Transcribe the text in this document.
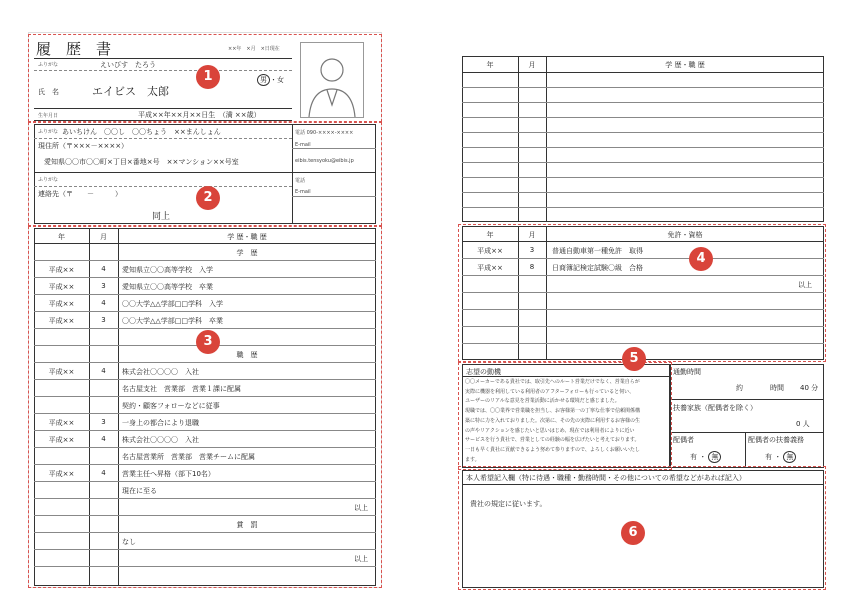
履　歴　書	××年　×月　×日現在
ふりがな	えいびす　たろう
氏　名	エイビス　太郎
男 ・女
生年月日	平成××年××月××日生　（満 ××歳）
1
ふりがな あいちけん　〇〇し　〇〇ちょう　××まんしょん
現住所（〒×××－××××）
愛知県〇〇市〇〇町×丁目×番地×号　××マンション××号室
電話 090-××××-××××
E-mail
eibis.tensyoku@eibis.jp
ふりがな
連絡先（〒　　－　　　）
同上
電話
E-mail
2
年	月	学 歴・職 歴
学　歴
平成××	4	愛知県立〇〇高等学校　入学
平成××	3	愛知県立〇〇高等学校　卒業
平成××	4	〇〇大学△△学部□□学科　入学
平成××	3	〇〇大学△△学部□□学科　卒業
職　歴
平成××	4	株式会社〇〇〇〇　入社
名古屋支社　営業部　営業１課に配属
契約・顧客フォローなどに従事
平成××	3	一身上の都合により退職
平成××	4	株式会社〇〇〇〇　入社
名古屋営業所　営業部　営業チームに配属
平成××	4	営業主任へ昇格（部下10名）
現在に至る
以上
賞　罰
なし
以上
3
年	月	学 歴・職 歴
年	月	免許・資格
平成××	3	普通自動車第一種免許　取得
平成××	8	日商簿記検定試験〇級　合格
以上
4
志望の動機
〇〇メーカーである貴社では、取引先へのルート営業だけでなく、営業自らが
実際に機器を利用している利用者のアフターフォローも行っていると伺い、
ユーザーのリアルな意見を営業活動に活かせる環境だと感じました。
現職では、〇〇業界で営業職を担当し、お客様第一の丁寧な仕事で信頼関係構
築に特に力を入れておりました。次第に、その先の実際に利用するお客様の生
の声やリアクションを感じたいと思いはじめ、現在では利用者によりに近い
サービスを行う貴社で、営業としての経験の幅を広げたいと考えております。
一日も早く貴社に貢献できるよう努めて参りますので、よろしくお願いいたし
ます。
通勤時間
約	時間 40 分
扶養家族（配偶者を除く）
0 人
配偶者
有 ・ 無
配偶者の扶養義務
有 ・ 無
5
本人希望記入欄（特に待遇・職種・勤務時間・その他についての希望などがあれば記入）
貴社の規定に従います。
6
